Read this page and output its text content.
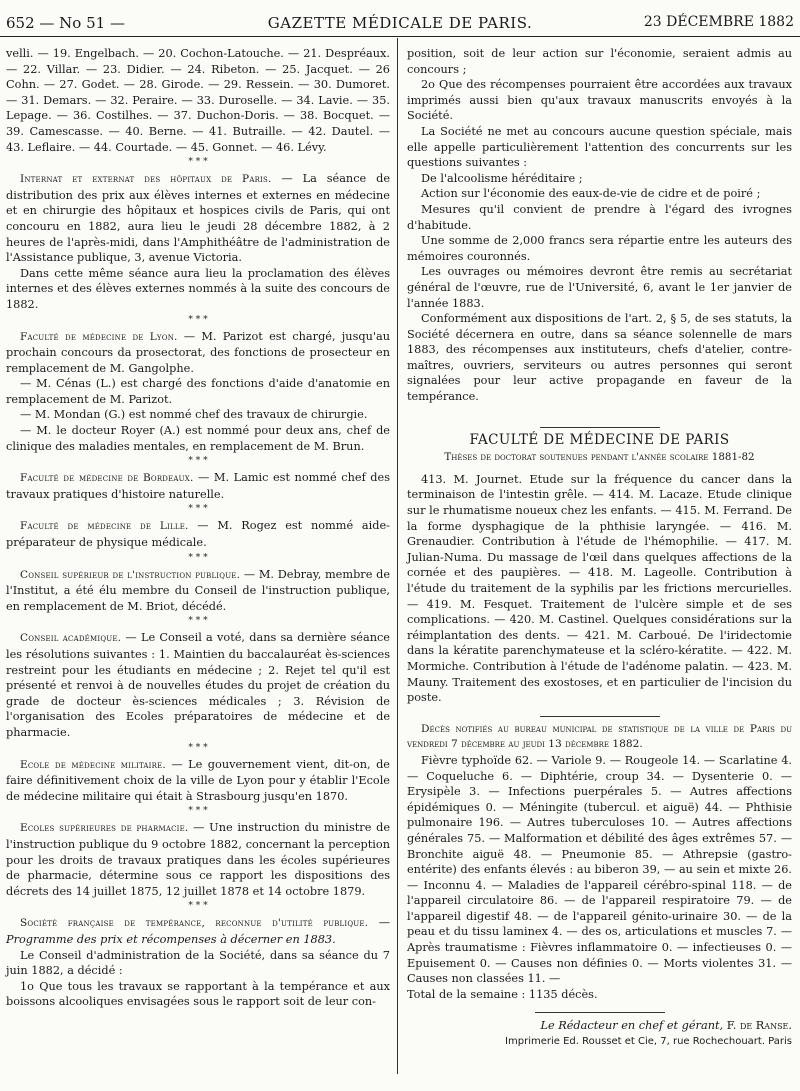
652 — No 51 —	GAZETTE MÉDICALE DE PARIS.	23 DÉCEMBRE 1882

velli. — 19. Engelbach. — 20. Cochon-Latouche. — 21. Despréaux. — 22. Villar. — 23. Didier. — 24. Ribeton. — 25. Jacquet. — 26 Cohn. — 27. Godet. — 28. Girode. — 29. Ressein. — 30. Dumoret. — 31. Demars. — 32. Peraire. — 33. Duroselle. — 34. Lavie. — 35. Lepage. — 36. Costilhes. — 37. Duchon-Doris. — 38. Bocquet. — 39. Camescasse. — 40. Berne. — 41. Butraille. — 42. Dautel. — 43. Leflaire. — 44. Courtade. — 45. Gonnet. — 46. Lévy.

* * *

Internat et externat des hôpitaux de Paris. — La séance de distribution des prix aux élèves internes et externes en médecine et en chirurgie des hôpitaux et hospices civils de Paris, qui ont concouru en 1882, aura lieu le jeudi 28 décembre 1882, à 2 heures de l'après-midi, dans l'Amphithéâtre de l'administration de l'Assistance publique, 3, avenue Victoria.

Dans cette même séance aura lieu la proclamation des élèves internes et des élèves externes nommés à la suite des concours de 1882.

* * *

Faculté de médecine de Lyon. — M. Parizot est chargé, jusqu'au prochain concours da prosectorat, des fonctions de prosecteur en remplacement de M. Gangolphe.

— M. Cénas (L.) est chargé des fonctions d'aide d'anatomie en remplacement de M. Parizot.

— M. Mondan (G.) est nommé chef des travaux de chirurgie.

— M. le docteur Royer (A.) est nommé pour deux ans, chef de clinique des maladies mentales, en remplacement de M. Brun.

* * *

Faculté de médecine de Bordeaux. — M. Lamic est nommé chef des travaux pratiques d'histoire naturelle.

* * *

Faculté de médecine de Lille. — M. Rogez est nommé aide-préparateur de physique médicale.

* * *

Conseil supérieur de l'instruction publique. — M. Debray, membre de l'Institut, a été élu membre du Conseil de l'instruction publique, en remplacement de M. Briot, décédé.

* * *

Conseil académique. — Le Conseil a voté, dans sa dernière séance les résolutions suivantes : 1. Maintien du baccalauréat ès-sciences restreint pour les étudiants en médecine ; 2. Rejet tel qu'il est présenté et renvoi à de nouvelles études du projet de création du grade de docteur ès-sciences médicales ; 3. Révision de l'organisation des Ecoles préparatoires de médecine et de pharmacie.

* * *

Ecole de médecine militaire. — Le gouvernement vient, dit-on, de faire définitivement choix de la ville de Lyon pour y établir l'Ecole de médecine militaire qui était à Strasbourg jusqu'en 1870.

* * *

Ecoles supérieures de pharmacie. — Une instruction du ministre de l'instruction publique du 9 octobre 1882, concernant la perception pour les droits de travaux pratiques dans les écoles supérieures de pharmacie, détermine sous ce rapport les dispositions des décrets des 14 juillet 1875, 12 juillet 1878 et 14 octobre 1879.

* * *

Société française de tempérance, reconnue d'utilité publique. — Programme des prix et récompenses à décerner en 1883.

Le Conseil d'administration de la Société, dans sa séance du 7 juin 1882, a décidé :

1o Que tous les travaux se rapportant à la tempérance et aux boissons alcooliques envisagées sous le rapport soit de leur con-

position, soit de leur action sur l'économie, seraient admis au concours ;

2o Que des récompenses pourraient être accordées aux travaux imprimés aussi bien qu'aux travaux manuscrits envoyés à la Société.

La Société ne met au concours aucune question spéciale, mais elle appelle particulièrement l'attention des concurrents sur les questions suivantes :

De l'alcoolisme héréditaire ;

Action sur l'économie des eaux-de-vie de cidre et de poiré ;

Mesures qu'il convient de prendre à l'égard des ivrognes d'habitude.

Une somme de 2,000 francs sera répartie entre les auteurs des mémoires couronnés.

Les ouvrages ou mémoires devront être remis au secrétariat général de l'œuvre, rue de l'Université, 6, avant le 1er janvier de l'année 1883.

Conformément aux dispositions de l'art. 2, § 5, de ses statuts, la Société décernera en outre, dans sa séance solennelle de mars 1883, des récompenses aux instituteurs, chefs d'atelier, contre-maîtres, ouvriers, serviteurs ou autres personnes qui seront signalées pour leur active propagande en faveur de la tempérance.

FACULTÉ DE MÉDECINE DE PARIS
Thèses de doctorat soutenues pendant l'année scolaire 1881-82

413. M. Journet. Etude sur la fréquence du cancer dans la terminaison de l'intestin grêle. — 414. M. Lacaze. Etude clinique sur le rhumatisme noueux chez les enfants. — 415. M. Ferrand. De la forme dysphagique de la phthisie laryngée. — 416. M. Grenaudier. Contribution à l'étude de l'hémophilie. — 417. M. Julian-Numa. Du massage de l'œil dans quelques affections de la cornée et des paupières. — 418. M. Lageolle. Contribution à l'étude du traitement de la syphilis par les frictions mercurielles. — 419. M. Fesquet. Traitement de l'ulcère simple et de ses complications. — 420. M. Castinel. Quelques considérations sur la réimplantation des dents. — 421. M. Carboué. De l'iridectomie dans la kératite parenchymateuse et la scléro-kératite. — 422. M. Mormiche. Contribution à l'étude de l'adénome palatin. — 423. M. Mauny. Traitement des exostoses, et en particulier de l'incision du poste.

Décès notifiés au bureau municipal de statistique de la ville de Paris du vendredi 7 décembre au jeudi 13 décembre 1882.

Fièvre typhoïde 62. — Variole 9. — Rougeole 14. — Scarlatine 4. — Coqueluche 6. — Diphtérie, croup 34. — Dysenterie 0. — Erysipèle 3. — Infections puerpérales 5. — Autres affections épidémiques 0. — Méningite (tubercul. et aiguë) 44. — Phthisie pulmonaire 196. — Autres tuberculoses 10. — Autres affections générales 75. — Malformation et débilité des âges extrêmes 57. — Bronchite aiguë 48. — Pneumonie 85. — Athrepsie (gastro-entérite) des enfants élevés : au biberon 39, — au sein et mixte 26. — Inconnu 4. — Maladies de l'appareil cérébro-spinal 118. — de l'appareil circulatoire 86. — de l'appareil respiratoire 79. — de l'appareil digestif 48. — de l'appareil génito-urinaire 30. — de la peau et du tissu laminex 4. — des os, articulations et muscles 7. — Après traumatisme : Fièvres inflammatoire 0. — infectieuses 0. — Epuisement 0. — Causes non définies 0. — Morts violentes 31. — Causes non classées 11. —

Total de la semaine : 1135 décès.

Le Rédacteur en chef et gérant, F. de Ranse.

Imprimerie Ed. Rousset et Cie, 7, rue Rochechouart. Paris
